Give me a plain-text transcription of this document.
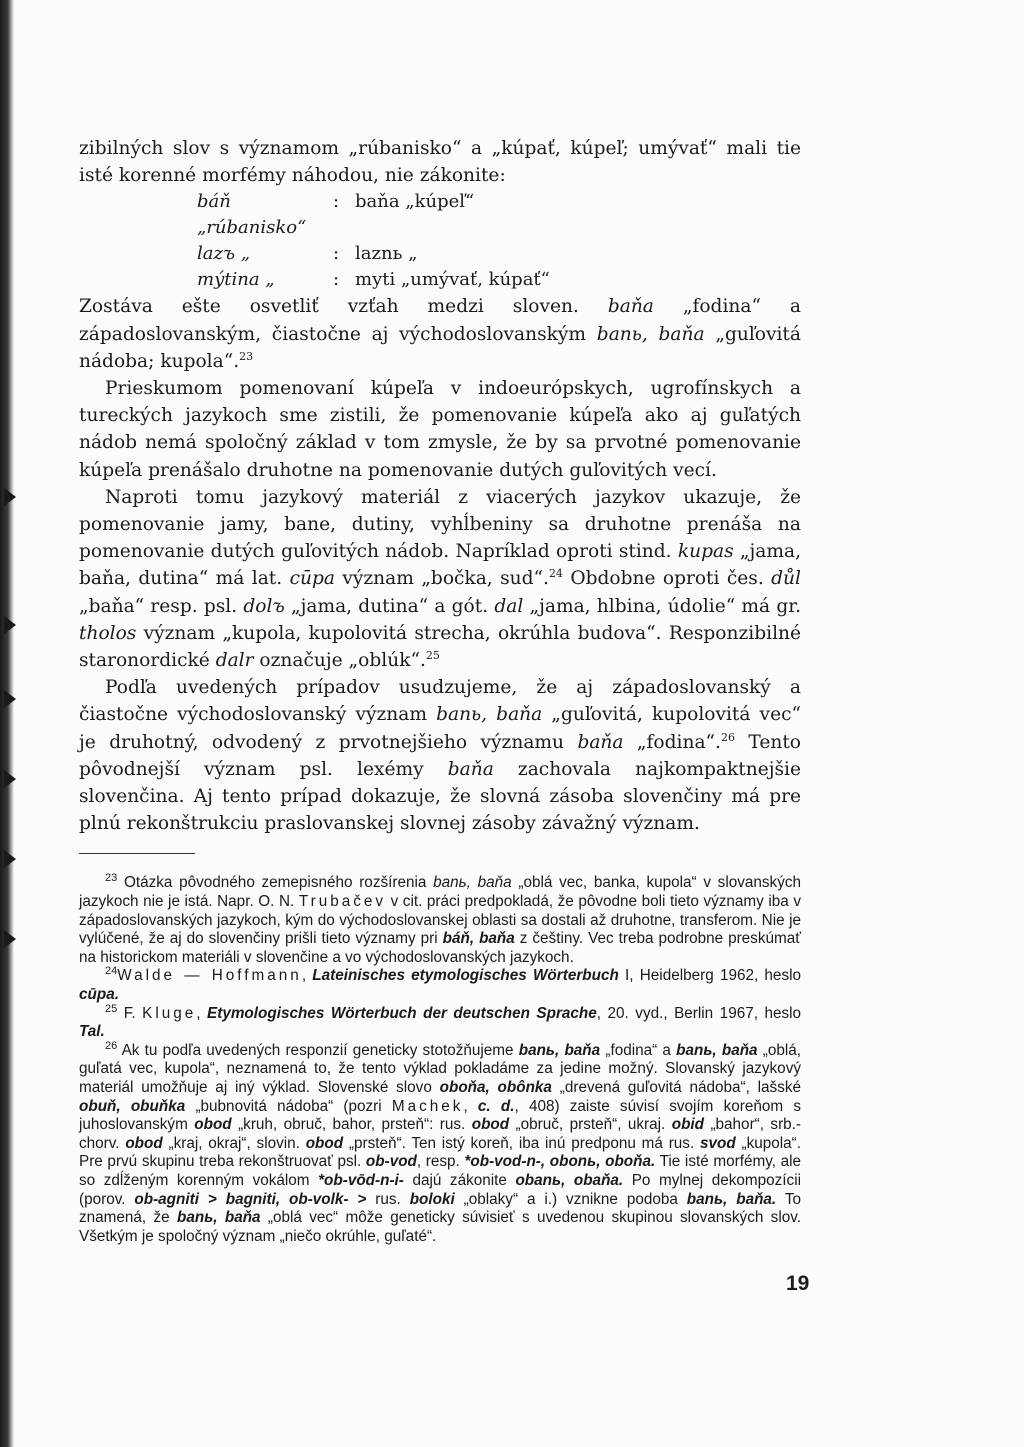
zibilných slov s významom „rúbanisko“ a „kúpať, kúpeľ; umývať“ mali tie isté korenné morfémy náhodou, nie zákonite:

báň „rúbanisko“
: baňa „kúpeľ“
lazъ „	: laznь „
mýtina „	: myti „umývať, kúpať“

Zostáva ešte osvetliť vzťah medzi sloven. baňa „fodina“ a západoslovanským, čiastočne aj východoslovanským banь, baňa „guľovitá nádoba; kupola“.$^{23}$

Prieskumom pomenovaní kúpeľa v indoeurópskych, ugrofínskych a tureckých jazykoch sme zistili, že pomenovanie kúpeľa ako aj guľatých nádob nemá spoločný základ v tom zmysle, že by sa prvotné pomenovanie kúpeľa prenášalo druhotne na pomenovanie dutých guľovitých vecí.

Naproti tomu jazykový materiál z viacerých jazykov ukazuje, že pomenovanie jamy, bane, dutiny, vyhĺbeniny sa druhotne prenáša na pomenovanie dutých guľovitých nádob. Napríklad oproti stind. kupas „jama, baňa, dutina“ má lat. cūpa význam „bočka, sud“.$^{24}$ Obdobne oproti čes. důl „baňa“ resp. psl. dolъ „jama, dutina“ a gót. dal „jama, hlbina, údolie“ má gr. tholos význam „kupola, kupolovitá strecha, okrúhla budova“. Responzibilné staronordické dalr označuje „oblúk“.$^{25}$

Podľa uvedených prípadov usudzujeme, že aj západoslovanský a čiastočne východoslovanský význam banь, baňa „guľovitá, kupolovitá vec“ je druhotný, odvodený z prvotnejšieho významu baňa „fodina“.$^{26}$ Tento pôvodnejší význam psl. lexémy baňa zachovala najkompaktnejšie slovenčina. Aj tento prípad dokazuje, že slovná zásoba slovenčiny má pre plnú rekonštrukciu praslovanskej slovnej zásoby závažný význam.

$^{23}$ Otázka pôvodného zemepisného rozšírenia banь, baňa „oblá vec, banka, kupola“ v slovanských jazykoch nie je istá. Napr. O. N. Trubačev v cit. práci predpokladá, že pôvodne boli tieto významy iba v západoslovanských jazykoch, kým do východoslovanskej oblasti sa dostali až druhotne, transferom. Nie je vylúčené, že aj do slovenčiny prišli tieto významy pri báň, baňa z češtiny. Vec treba podrobne preskúmať na historickom materiáli v slovenčine a vo východoslovanských jazykoch.

$^{24}$Walde — Hoffmann, Lateinisches etymologisches Wörterbuch I, Heidelberg 1962, heslo cūpa.

$^{25}$ F. Kluge, Etymologisches Wörterbuch der deutschen Sprache, 20. vyd., Berlin 1967, heslo Tal.

$^{26}$ Ak tu podľa uvedených responzií geneticky stotožňujeme banь, baňa „fodina“ a banь, baňa „oblá, guľatá vec, kupola“, neznamená to, že tento výklad pokladáme za jedine možný. Slovanský jazykový materiál umožňuje aj iný výklad. Slovenské slovo oboňa, obônka „drevená guľovitá nádoba“, lašské obuň, obuňka „bubnovitá nádoba“ (pozri Machek, c. d., 408) zaiste súvisí svojím koreňom s juhoslovanským obod „kruh, obruč, bahor, prsteň“: rus. obod „obruč, prsteň“, ukraj. obid „bahor“, srb.-chorv. obod „kraj, okraj“, slovin. obod „prsteň“. Ten istý koreň, iba inú predponu má rus. svod „kupola“. Pre prvú skupinu treba rekonštruovať psl. ob-vod, resp. *ob-vod-n-, obonь, oboňa. Tie isté morfémy, ale so zdĺženým korenným vokálom *ob-vōd-n-i- dajú zákonite obanь, obaňa. Po mylnej dekompozícii (porov. ob-agniti > bagniti, ob-volk- > rus. boloki „oblaky“ a i.) vznikne podoba banь, baňa. To znamená, že banь, baňa „oblá vec“ môže geneticky súvisieť s uvedenou skupinou slovanských slov. Všetkým je spoločný význam „niečo okrúhle, guľaté“.

19
